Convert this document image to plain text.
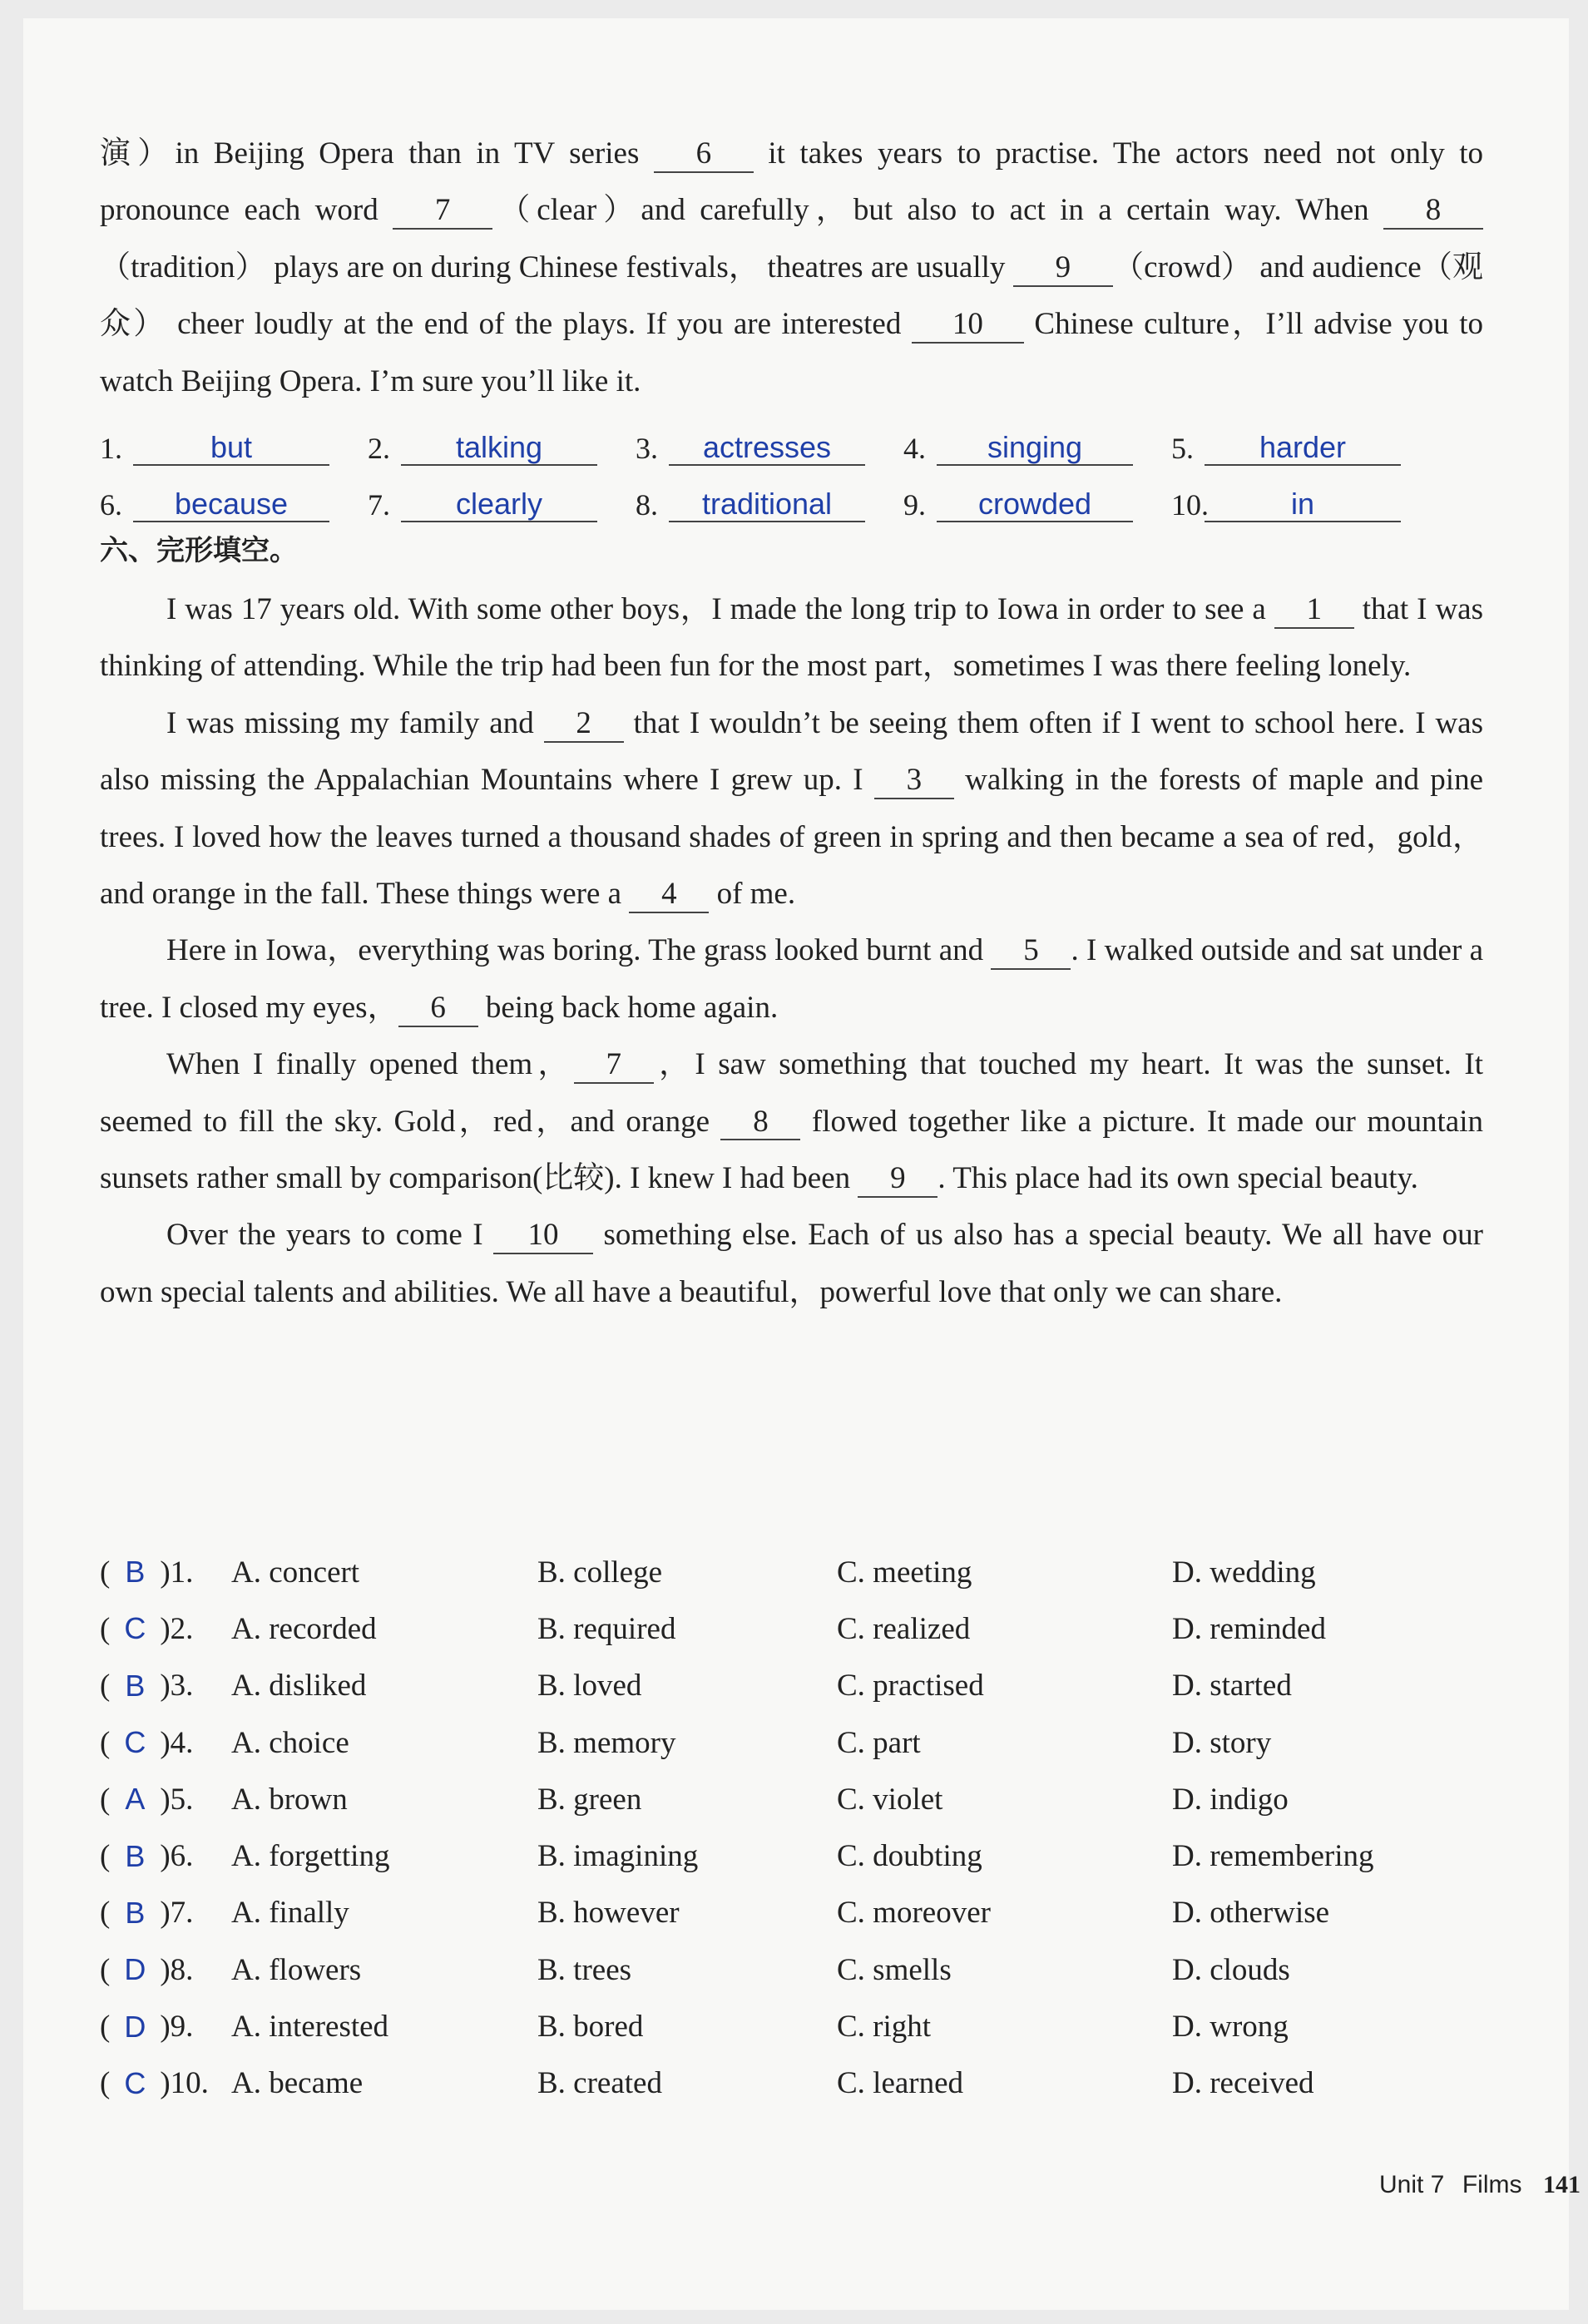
演）in Beijing Opera than in TV series 6 it takes years to practise. The actors need not only to pronounce each word 7 （clear）and carefully，but also to act in a certain way. When 8 （tradition） plays are on during Chinese festivals， theatres are usually 9 （crowd） and audience（观众） cheer loudly at the end of the plays. If you are interested 10 Chinese culture，I’ll advise you to watch Beijing Opera. I’m sure you’ll like it.

1.	but	2.	talking	3.	actresses	4.	singing	5.	harder
6.	because	7.	clearly	8.	traditional	9.	crowded	10.	in
六、完形填空。

I was 17 years old. With some other boys，I made the long trip to Iowa in order to see a 1 that I was thinking of attending. While the trip had been fun for the most part，sometimes I was there feeling lonely.

I was missing my family and 2 that I wouldn’t be seeing them often if I went to school here. I was also missing the Appalachian Mountains where I grew up. I 3 walking in the forests of maple and pine trees. I loved how the leaves turned a thousand shades of green in spring and then became a sea of red，gold，and orange in the fall. These things were a 4 of me.

Here in Iowa，everything was boring. The grass looked burnt and 5 . I walked outside and sat under a tree. I closed my eyes， 6 being back home again.

When I finally opened them， 7 ，I saw something that touched my heart. It was the sunset. It seemed to fill the sky. Gold，red，and orange 8 flowed together like a picture. It made our mountain sunsets rather small by comparison(比较). I knew I had been 9 . This place had its own special beauty.

Over the years to come I 10 something else. Each of us also has a special beauty. We all have our own special talents and abilities. We all have a beautiful，powerful love that only we can share.

( B ) 1. A. concert	B. college	C. meeting	D. wedding
( C ) 2. A. recorded	B. required	C. realized	D. reminded
( B ) 3. A. disliked	B. loved	C. practised	D. started
( C ) 4. A. choice	B. memory	C. part	D. story
( A ) 5. A. brown	B. green	C. violet	D. indigo
( B ) 6. A. forgetting	B. imagining	C. doubting	D. remembering
( B ) 7. A. finally	B. however	C. moreover	D. otherwise
( D ) 8. A. flowers	B. trees	C. smells	D. clouds
( D ) 9. A. interested	B. bored	C. right	D. wrong
( C ) 10. A. became	B. created	C. learned	D. received
Unit 7 Films 141
